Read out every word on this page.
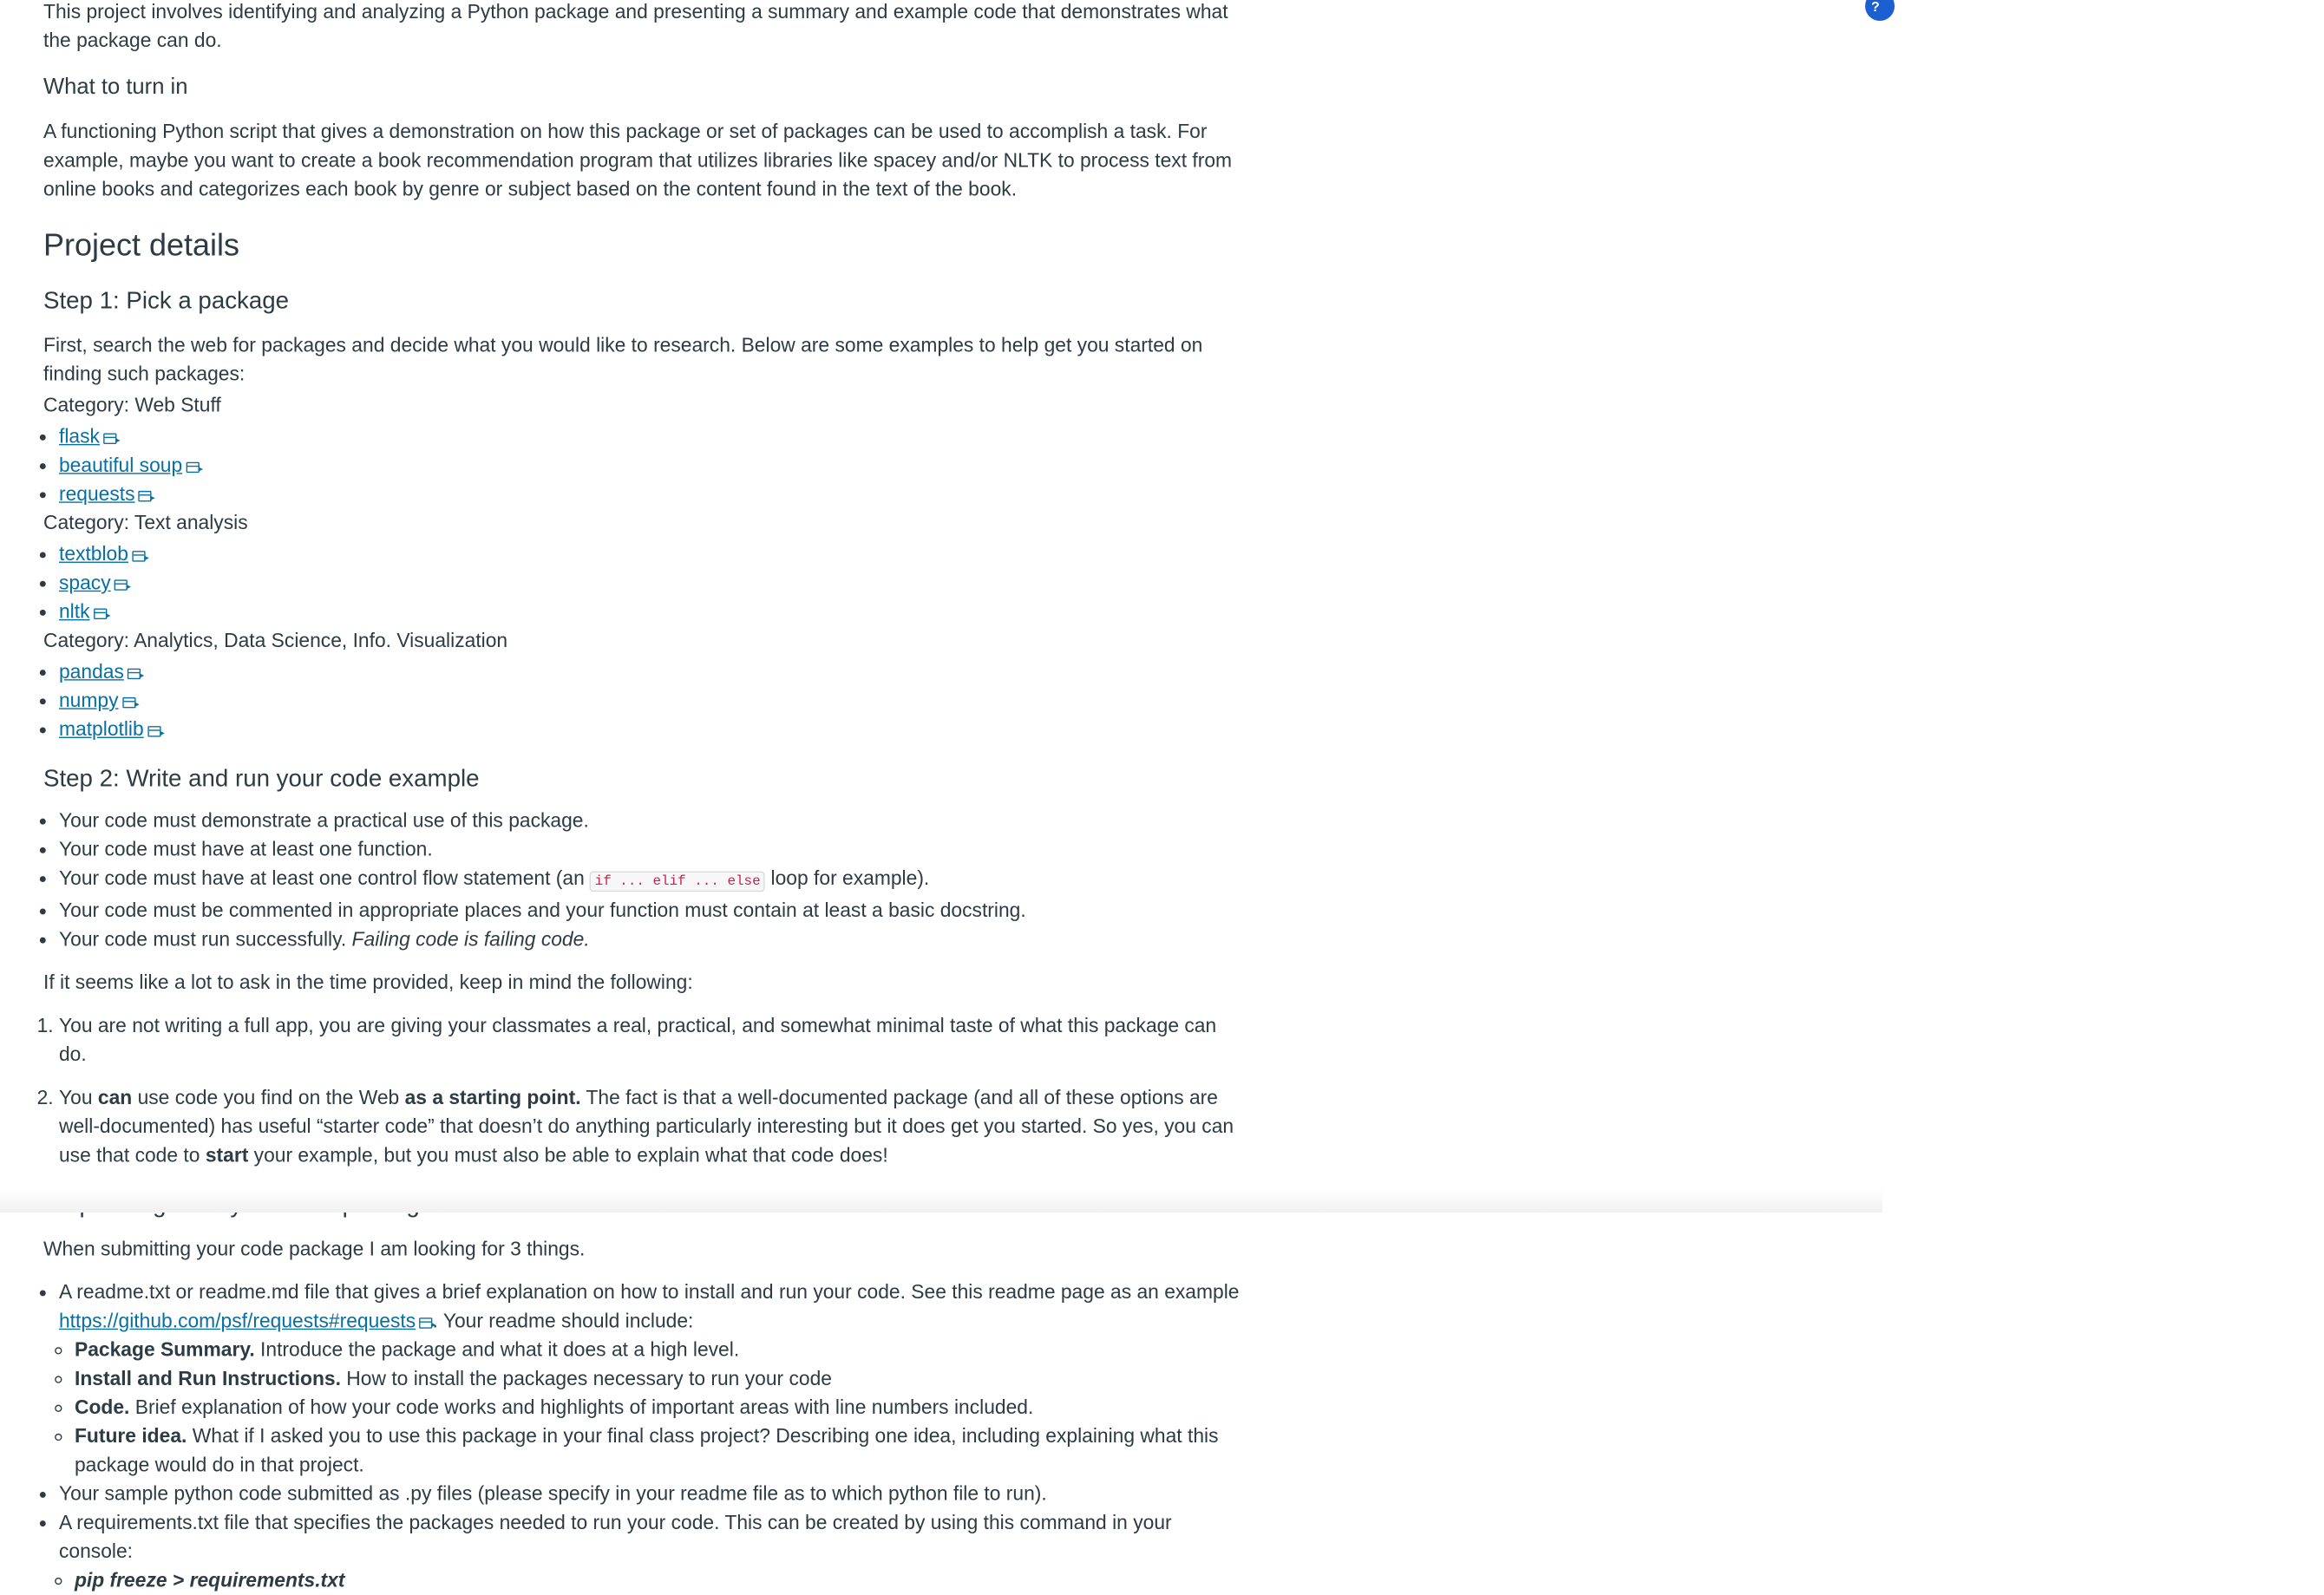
?

This project involves identifying and analyzing a Python package and presenting a summary and example code that demonstrates what the package can do.

What to turn in

A functioning Python script that gives a demonstration on how this package or set of packages can be used to accomplish a task. For example, maybe you want to create a book recommendation program that utilizes libraries like spacey and/or NLTK to process text from online books and categorizes each book by genre or subject based on the content found in the text of the book.

Project details
Step 1: Pick a package

First, search the web for packages and decide what you would like to research. Below are some examples to help get you started on finding such packages:

Category: Web Stuff

• flask
• beautiful soup
• requests

Category: Text analysis

• textblob
• spacy
• nltk

Category: Analytics, Data Science, Info. Visualization

• pandas
• numpy
• matplotlib
Step 2: Write and run your code example
• Your code must demonstrate a practical use of this package.
• Your code must have at least one function.
• Your code must have at least one control flow statement (an if ... elif ... else loop for example).
• Your code must be commented in appropriate places and your function must contain at least a basic docstring.
• Your code must run successfully. Failing code is failing code.

If it seems like a lot to ask in the time provided, keep in mind the following:

1. You are not writing a full app, you are giving your classmates a real, practical, and somewhat minimal taste of what this package can do.
2. You can use code you find on the Web as a starting point. The fact is that a well-documented package (and all of these options are well-documented) has useful “starter code” that doesn’t do anything particularly interesting but it does get you started. So yes, you can use that code to start your example, but you must also be able to explain what that code does!

When submitting your code package I am looking for 3 things.

• A readme.txt or readme.md file that gives a brief explanation on how to install and run your code. See this readme page as an example https://github.com/psf/requests#requests . Your readme should include:
◦ Package Summary. Introduce the package and what it does at a high level.
◦ Install and Run Instructions. How to install the packages necessary to run your code
◦ Code. Brief explanation of how your code works and highlights of important areas with line numbers included.
◦ Future idea. What if I asked you to use this package in your final class project? Describing one idea, including explaining what this package would do in that project.
• Your sample python code submitted as .py files (please specify in your readme file as to which python file to run).
• A requirements.txt file that specifies the packages needed to run your code. This can be created by using this command in your console:
◦ pip freeze > requirements.txt
